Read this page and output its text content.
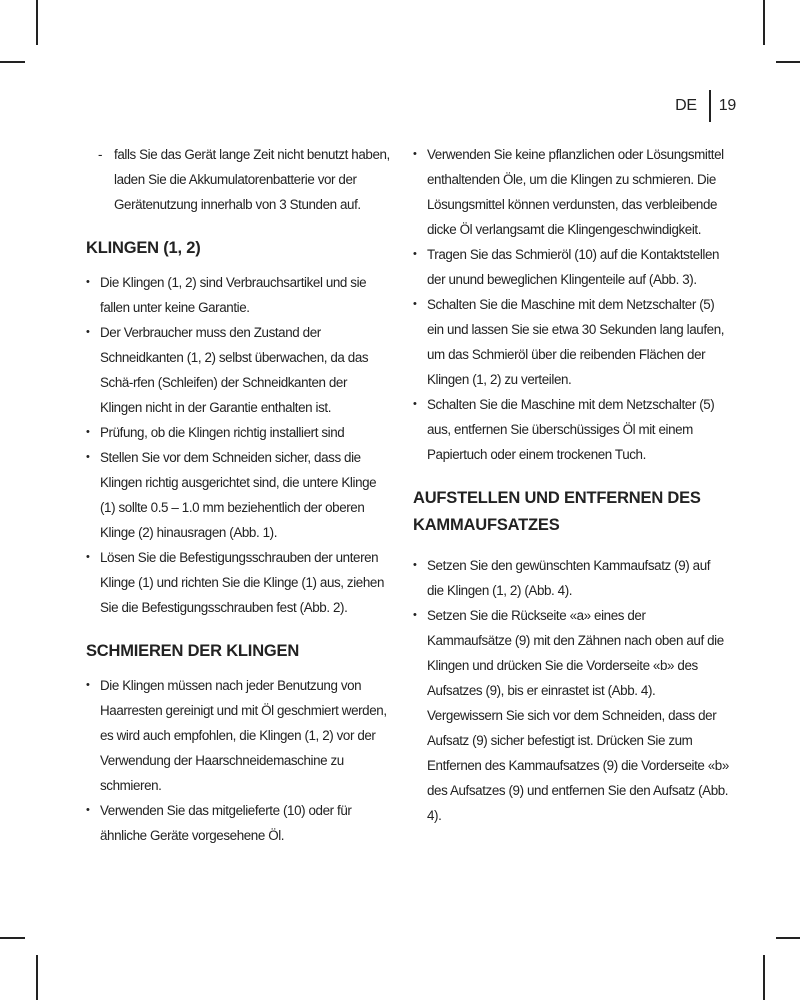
DE 19
- falls Sie das Gerät lange Zeit nicht benutzt haben, laden Sie die Akkumulatorenbatterie vor der Gerätenutzung innerhalb von 3 Stunden auf.
KLINGEN (1, 2)
• Die Klingen (1, 2) sind Verbrauchsartikel und sie fallen unter keine Garantie.
• Der Verbraucher muss den Zustand der Schneidkanten (1, 2) selbst überwachen, da das Schä-rfen (Schleifen) der Schneidkanten der Klingen nicht in der Garantie enthalten ist.
• Prüfung, ob die Klingen richtig installiert sind
• Stellen Sie vor dem Schneiden sicher, dass die Klingen richtig ausgerichtet sind, die untere Klinge (1) sollte 0.5 – 1.0 mm beziehentlich der oberen Klinge (2) hinausragen (Abb. 1).
• Lösen Sie die Befestigungsschrauben der unteren Klinge (1) und richten Sie die Klinge (1) aus, ziehen Sie die Befestigungsschrauben fest (Abb. 2).
SCHMIEREN DER KLINGEN
• Die Klingen müssen nach jeder Benutzung von Haarresten gereinigt und mit Öl geschmiert werden, es wird auch empfohlen, die Klingen (1, 2) vor der Verwendung der Haarschneidemaschine zu schmieren.
• Verwenden Sie das mitgelieferte (10) oder für ähnliche Geräte vorgesehene Öl.
• Verwenden Sie keine pflanzlichen oder Lösungsmittel enthaltenden Öle, um die Klingen zu schmieren. Die Lösungsmittel können verdunsten, das verbleibende dicke Öl verlangsamt die Klingengeschwindigkeit.
• Tragen Sie das Schmieröl (10) auf die Kontaktstellen der unund beweglichen Klingenteile auf (Abb. 3).
• Schalten Sie die Maschine mit dem Netzschalter (5) ein und lassen Sie sie etwa 30 Sekunden lang laufen, um das Schmieröl über die reibenden Flächen der Klingen (1, 2) zu verteilen.
• Schalten Sie die Maschine mit dem Netzschalter (5) aus, entfernen Sie überschüssiges Öl mit einem Papiertuch oder einem trockenen Tuch.
AUFSTELLEN UND ENTFERNEN DES KAMMAUFSATZES
• Setzen Sie den gewünschten Kammaufsatz (9) auf die Klingen (1, 2) (Abb. 4).
• Setzen Sie die Rückseite «a» eines der Kammaufsätze (9) mit den Zähnen nach oben auf die Klingen und drücken Sie die Vorderseite «b» des Aufsatzes (9), bis er einrastet ist (Abb. 4). Vergewissern Sie sich vor dem Schneiden, dass der Aufsatz (9) sicher befestigt ist. Drücken Sie zum Entfernen des Kammaufsatzes (9) die Vorderseite «b» des Aufsatzes (9) und entfernen Sie den Aufsatz (Abb. 4).
